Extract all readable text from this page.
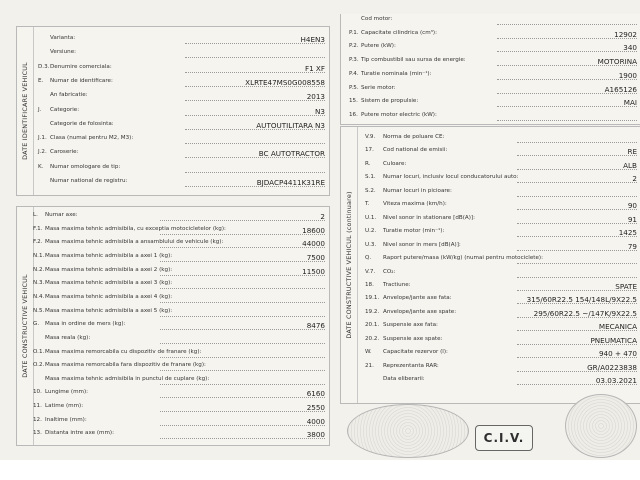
DATE IDENTIFICARE VEHICUL
Varianta:	H4EN3
Versiune:
D.3. Denumire comerciala:	F1 XF
E. Numar de identificare:	XLRTE47MS0G008558
An fabricatie:	2013
J. Categorie:	N3
Categorie de folosinta:	AUTOUTILITARA N3
J.1. Clasa (numai pentru M2, M3):
J.2. Caroserie:	BC AUTOTRACTOR
K. Numar omologare de tip:
Numar national de registru:	BJDACP4411K31RE
DATE CONSTRUCTIVE VEHICUL
L. Numar axe:	2
F.1. Masa maxima tehnic admisibila, cu exceptia motocicletelor (kg):	18600
F.2. Masa maxima tehnic admisibila a ansamblului de vehicule (kg):	44000
N.1. Masa maxima tehnic admisibila a axei 1 (kg):	7500
N.2. Masa maxima tehnic admisibila a axei 2 (kg):	11500
N.3. Masa maxima tehnic admisibila a axei 3 (kg):
N.4. Masa maxima tehnic admisibila a axei 4 (kg):
N.5. Masa maxima tehnic admisibila a axei 5 (kg):
G. Masa in ordine de mers (kg):	8476
Masa reala (kg):
O.1. Masa maxima remorcabila cu dispozitiv de franare (kg):
O.2. Masa maxima remorcabila fara dispozitiv de franare (kg):
Masa maxima tehnic admisibila in punctul de cuplare (kg):
10. Lungime (mm):	6160
11. Latime (mm):	2550
12. Inaltime (mm):	4000
13. Distanta intre axe (mm):	3800
Cod motor:
P.1. Capacitate cilindrica (cm³):	12902
P.2. Putere (kW):	340
P.3. Tip combustibil sau sursa de energie:	MOTORINA
P.4. Turatie nominala (min⁻¹):	1900
P.5. Serie motor:	A165126
15. Sistem de propulsie:	MAI
16. Putere motor electric (kW):
DATE CONSTRUCTIVE VEHICUL (continuare)
V.9. Norma de poluare CE:
17. Cod national de emisii:	RE
R. Culoare:	ALB
S.1. Numar locuri, inclusiv locul conducatorului auto:	2
S.2. Numar locuri in picioare:
T. Viteza maxima (km/h):	90
U.1. Nivel sonor in stationare [dB(A)]:	91
U.2. Turatie motor (min⁻¹):	1425
U.3. Nivel sonor in mers [dB(A)]:	79
Q. Raport putere/masa (kW/kg) (numai pentru motociclete):
V.7. CO₂:
18. Tractiune:	SPATE
19.1. Anvelope/jante axe fata:	315/60R22.5 154/148L/9X22.5
19.2. Anvelope/jante axe spate:	295/60R22.5 ~/147K/9X22.5
20.1. Suspensie axe fata:	MECANICA
20.2. Suspensie axe spate:	PNEUMATICA
W. Capacitate rezervor (l):	940 + 470
21. Reprezentanta RAR:	GR/A0223838
Data eliberarii:	03.03.2021
C.I.V.
